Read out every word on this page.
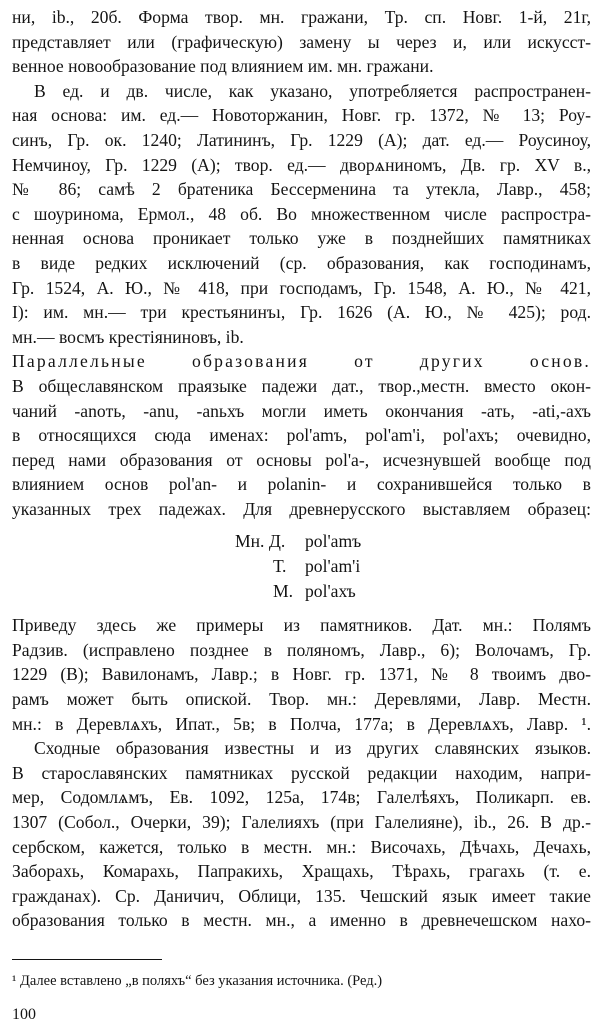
ни, ib., 20б. Форма твор. мн. гражани, Тр. сп. Новг. 1-й, 21г,
представляет или (графическую) замену ы через и, или искусст-
венное новообразование под влиянием им. мн. гражани.
В ед. и дв. числе, как указано, употребляется распространен-
ная основа: им. ед.— Новоторжанин, Новг. гр. 1372, № 13; Роу-
синъ, Гр. ок. 1240; Латининъ, Гр. 1229 (А); дат. ед.— Роусиноу,
Немчиноу, Гр. 1229 (А); твор. ед.— дворѧниномъ, Дв. гр. XV в.,
№ 86; самѣ 2 братеника Бессерменина та утекла, Лавр., 458;
с шоуринома, Ермол., 48 об. Во множественном числе распростра-
ненная основа проникает только уже в позднейших памятниках
в виде редких исключений (ср. образования, как господинамъ,
Гр. 1524, А. Ю., № 418, при господамъ, Гр. 1548, А. Ю., № 421,
I): им. мн.— три крестьянинъı, Гр. 1626 (А. Ю., № 425); род.
мн.— восмъ крестіяниновъ, ib.
Параллельные образования от других основ.
В общеславянском праязыке падежи дат., твор.,местн. вместо окон-
чаний -anoть, -anu, -anьхъ могли иметь окончания -aть, -ati,-ахъ
в относящихся сюда именах: pol'аmъ, pol'аm'i, pol'ахъ; очевидно,
перед нами образования от основы pol'а-, исчезнувшей вообще под
влиянием основ pol'an- и polanin- и сохранившейся только в
указанных трех падежах. Для древнерусского выставляем образец:
Мн. Д.	pol'аmъ
Т.	pol'аm'i
М. pol'ахъ
Приведу здесь же примеры из памятников. Дат. мн.: Полямъ
Радзив. (исправлено позднее в полянoмъ, Лавр., 6); Волочамъ, Гр.
1229 (В); Вавилонамъ, Лавр.; в Новг. гр. 1371, № 8 твоимъ дво-
рамъ может быть опиской. Твор. мн.: Деревлями, Лавр. Местн.
мн.: в Деревлѧхъ, Ипат., 5в; в Полча, 177а; в Деревлѧхъ, Лавр. ¹.
Сходные образования известны и из других славянских языков.
В старославянских памятниках русской редакции находим, напри-
мер, Содомлѧмъ, Ев. 1092, 125а, 174в; Галелѣяхъ, Поликарп. ев.
1307 (Собол., Очерки, 39); Галелияхъ (при Галелияне), ib., 26. В др.-
сербском, кажется, только в местн. мн.: Височахь, Дѣчахь, Дечахь,
Заборахь, Комарахь, Папракихь, Хращахь, Тѣрахь, гpaгахь (т. е.
гражданах). Ср. Даничич, Облици, 135. Чешский язык имеет такие
образования только в местн. мн., а именно в древнечешском нахо-
¹ Далее вставлено „в поляхъ“ без указания источника. (Ред.)
100
